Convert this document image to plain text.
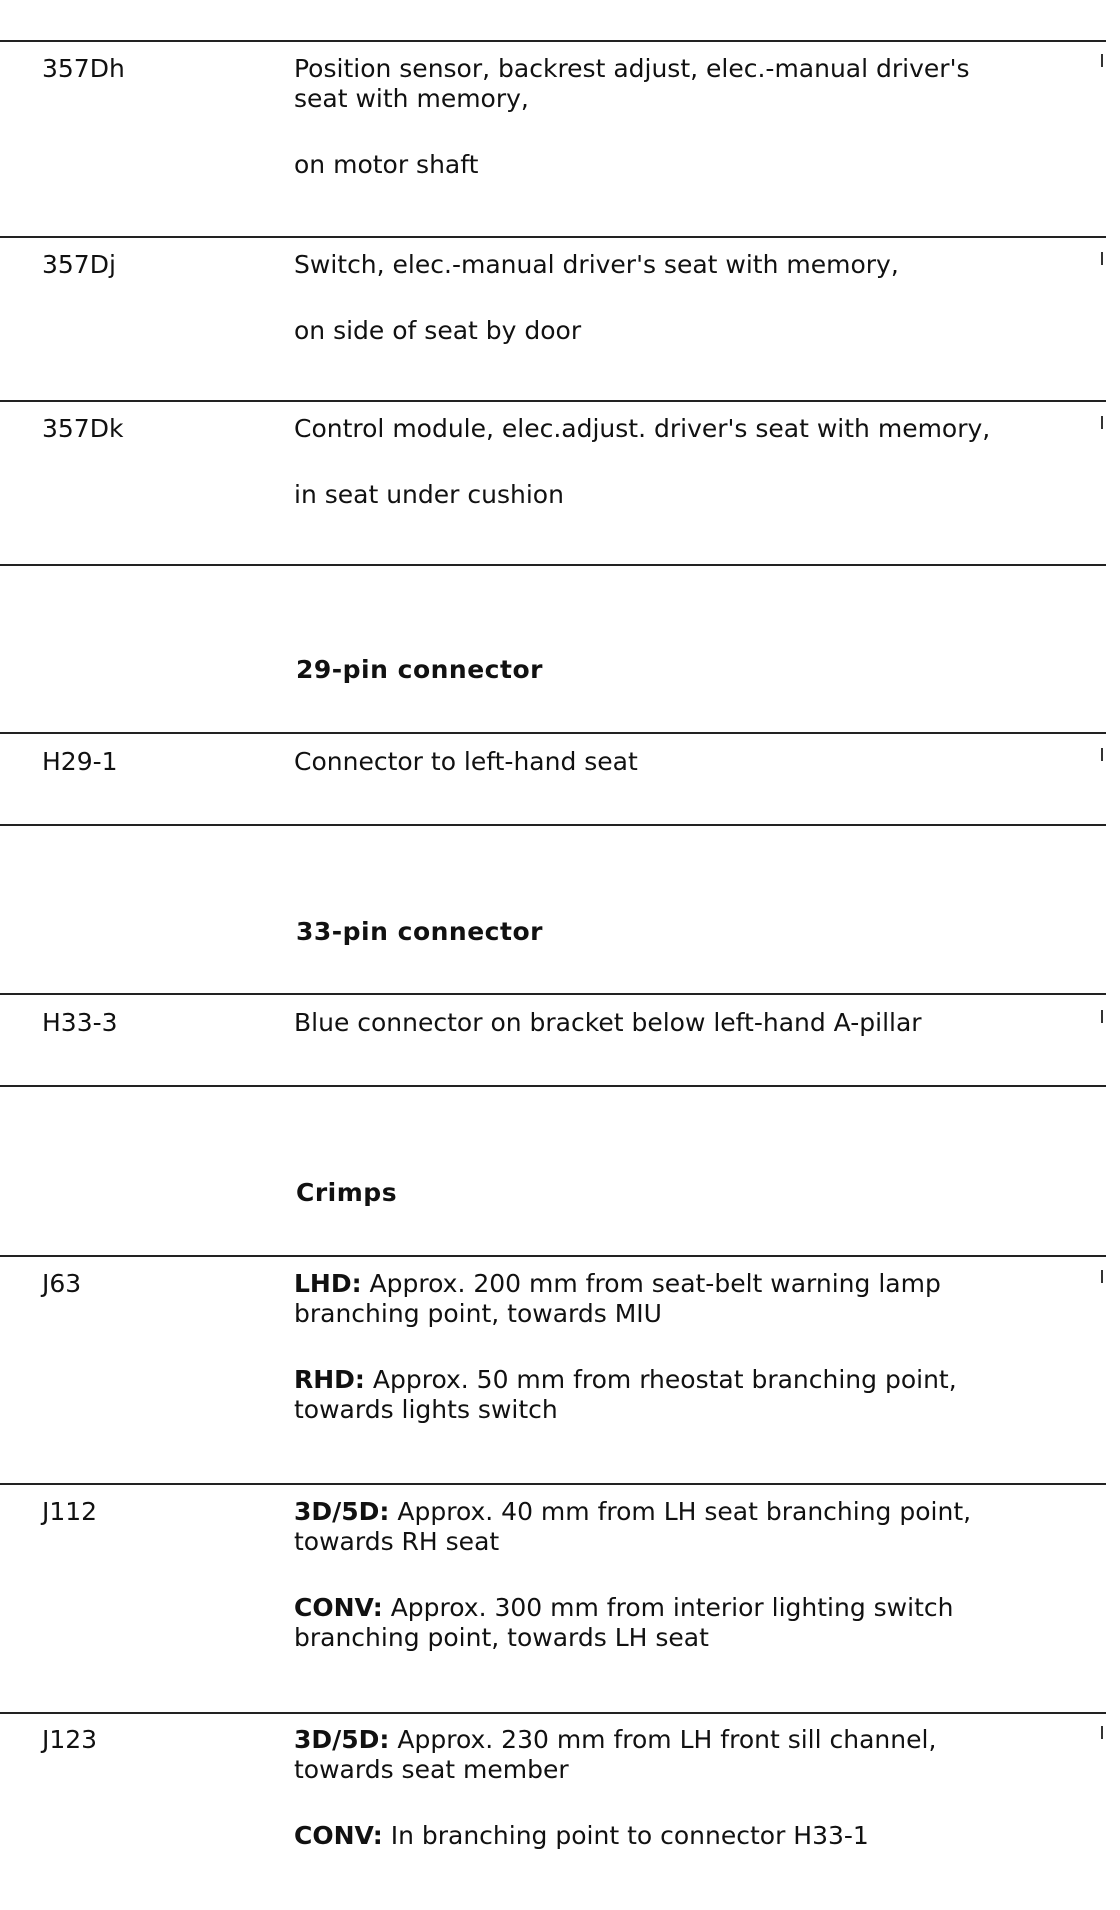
357Dh	Position sensor, backrest adjust, elec.-manual driver's
seat with memory,
on motor shaft
357Dj	Switch, elec.-manual driver's seat with memory,
on side of seat by door
357Dk	Control module, elec.adjust. driver's seat with memory,
in seat under cushion
29-pin connector
H29-1	Connector to left-hand seat
33-pin connector
H33-3	Blue connector on bracket below left-hand A-pillar
Crimps
J63	LHD: Approx. 200 mm from seat-belt warning lamp
branching point, towards MIU
RHD: Approx. 50 mm from rheostat branching point,
towards lights switch
J112	3D/5D: Approx. 40 mm from LH seat branching point,
towards RH seat
CONV: Approx. 300 mm from interior lighting switch
branching point, towards LH seat
J123	3D/5D: Approx. 230 mm from LH front sill channel,
towards seat member
CONV: In branching point to connector H33-1
